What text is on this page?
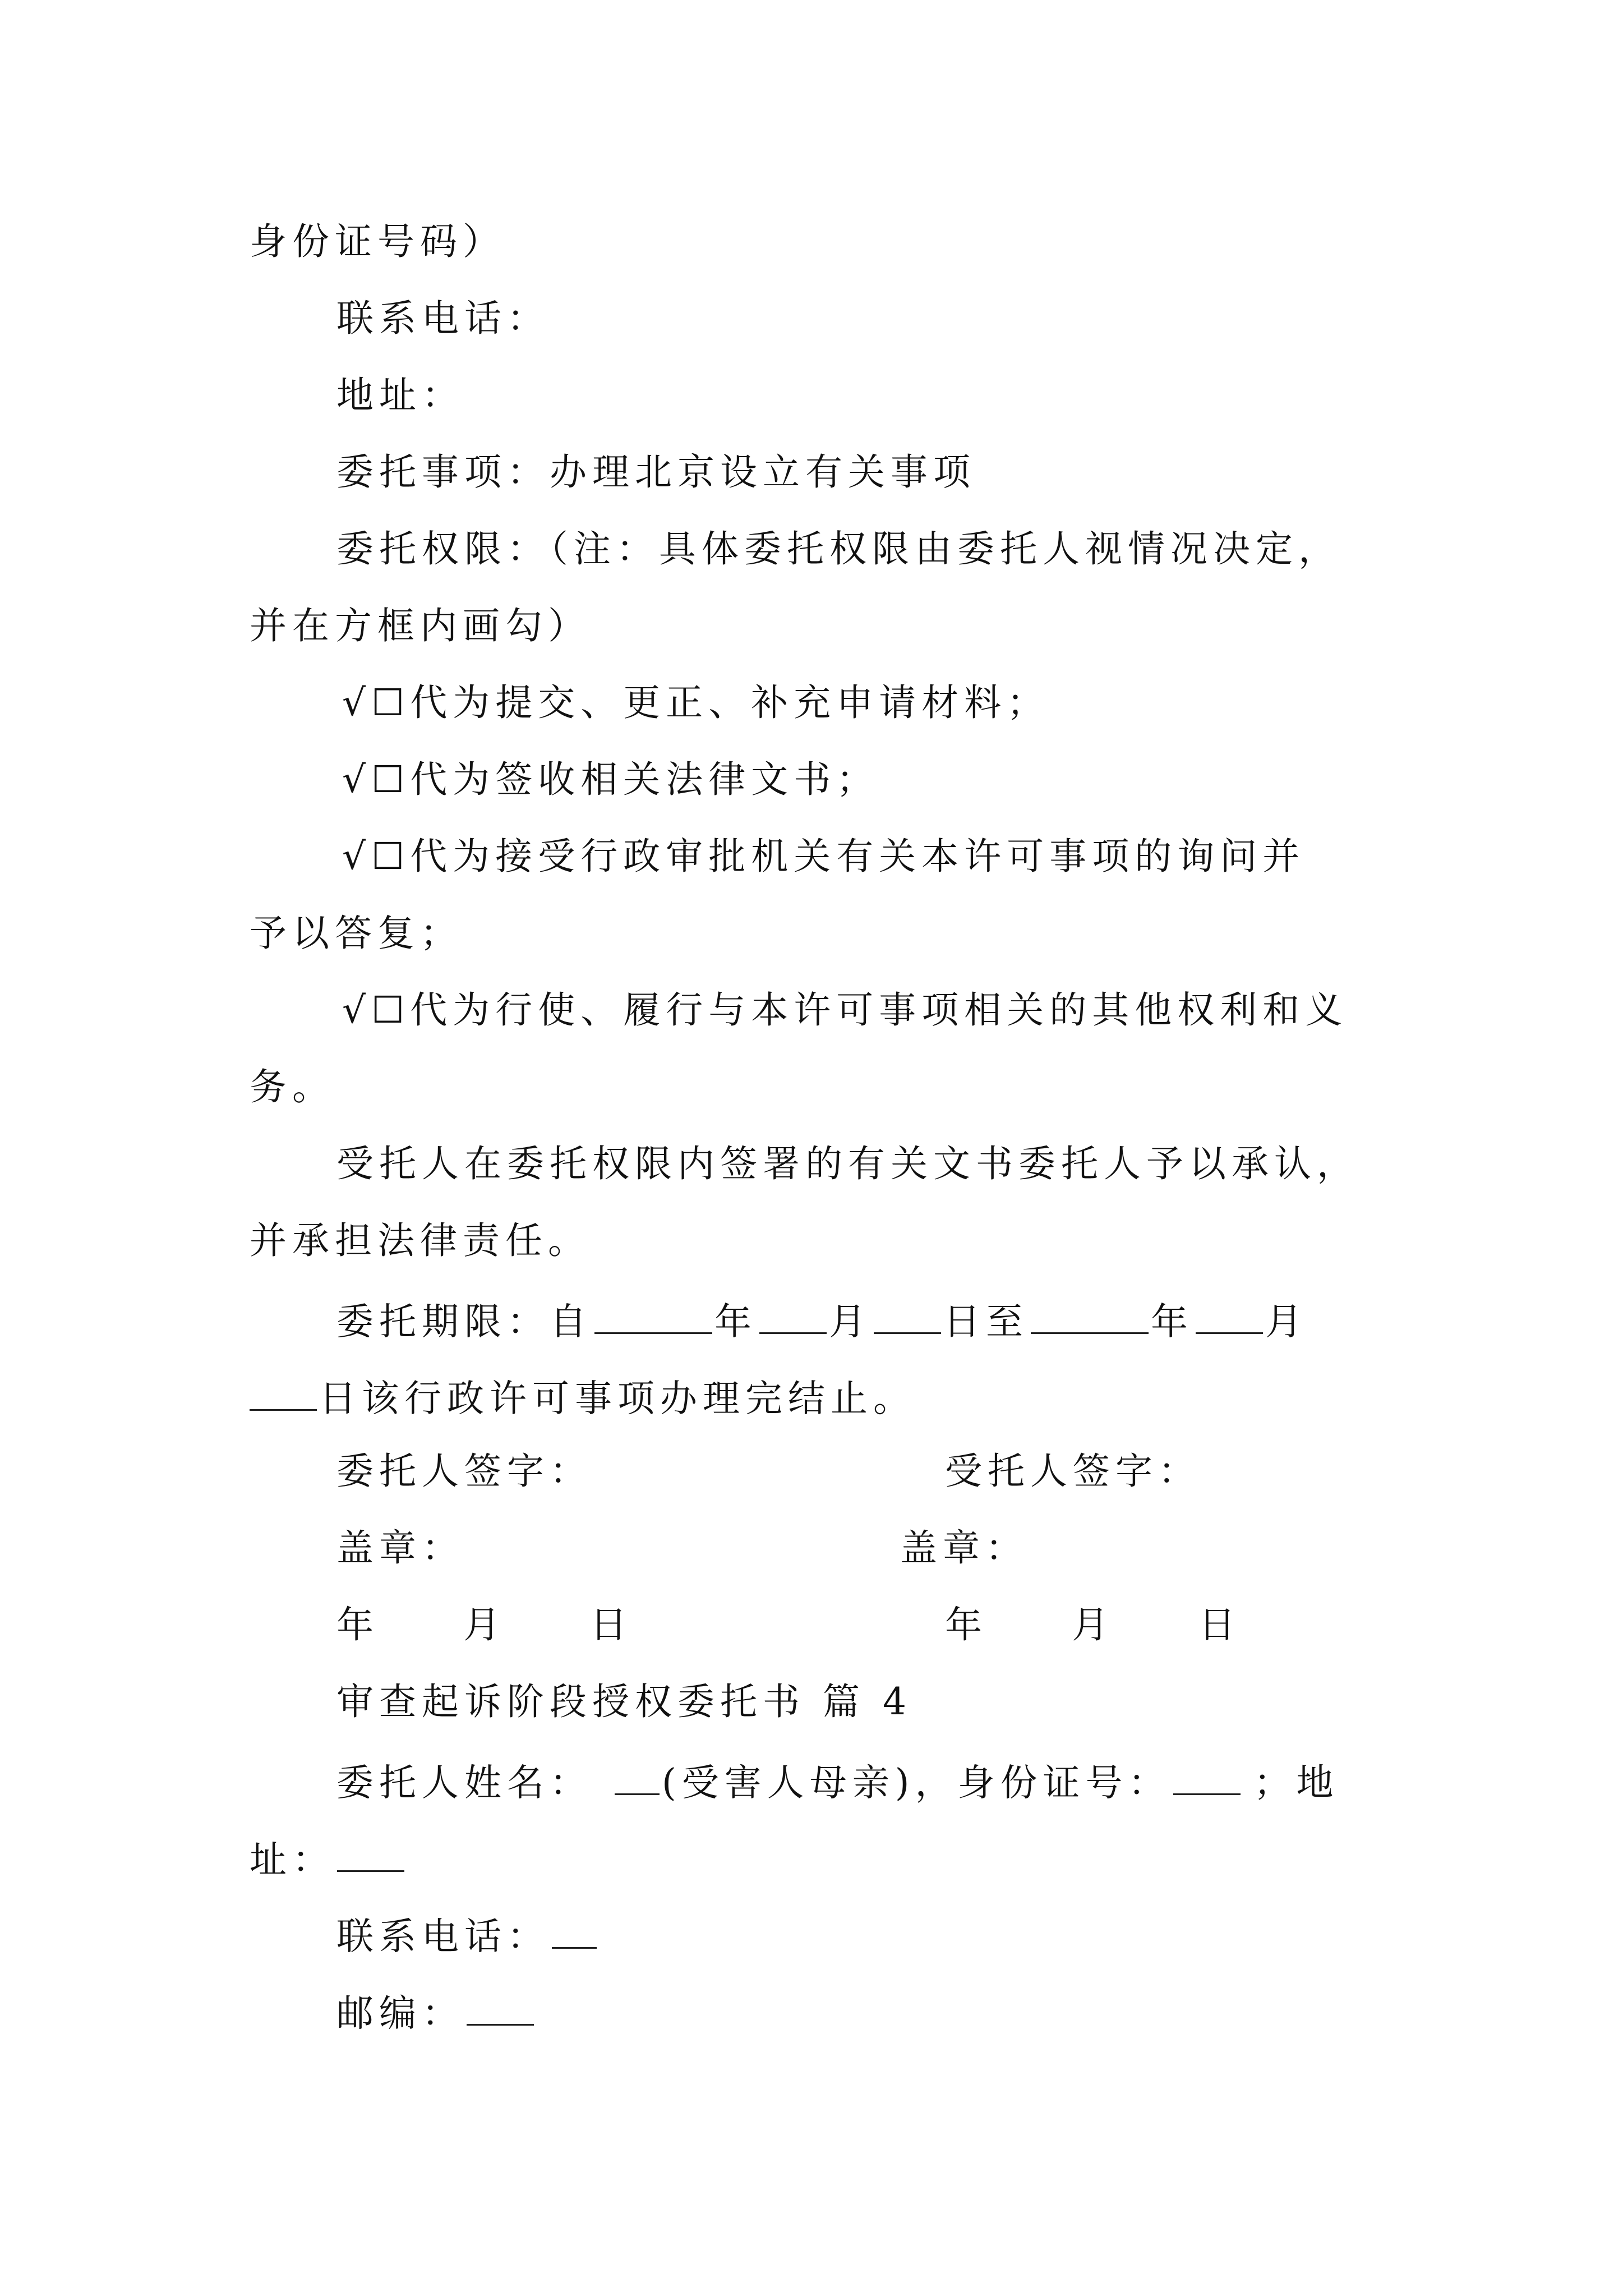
身份证号码）
联系电话：
地址：
委托事项：办理北京设立有关事项
委托权限：（注：具体委托权限由委托人视情况决定，
并在方框内画勾）
√☐代为提交、更正、补充申请材料；
√☐代为签收相关法律文书；
√☐代为接受行政审批机关有关本许可事项的询问并
予以答复；
√☐代为行使、履行与本许可事项相关的其他权利和义
务。
受托人在委托权限内签署的有关文书委托人予以承认，
并承担法律责任。
委托期限：自	年 月 日至	年 月
日该行政许可事项办理完结止。
委托人签字：	受托人签字：
盖章：	盖章：
年 月 日	年 月 日
审查起诉阶段授权委托书 篇 4
委托人姓名： (受害人母亲)，身份证号： ；地
址：
联系电话：
邮编：
